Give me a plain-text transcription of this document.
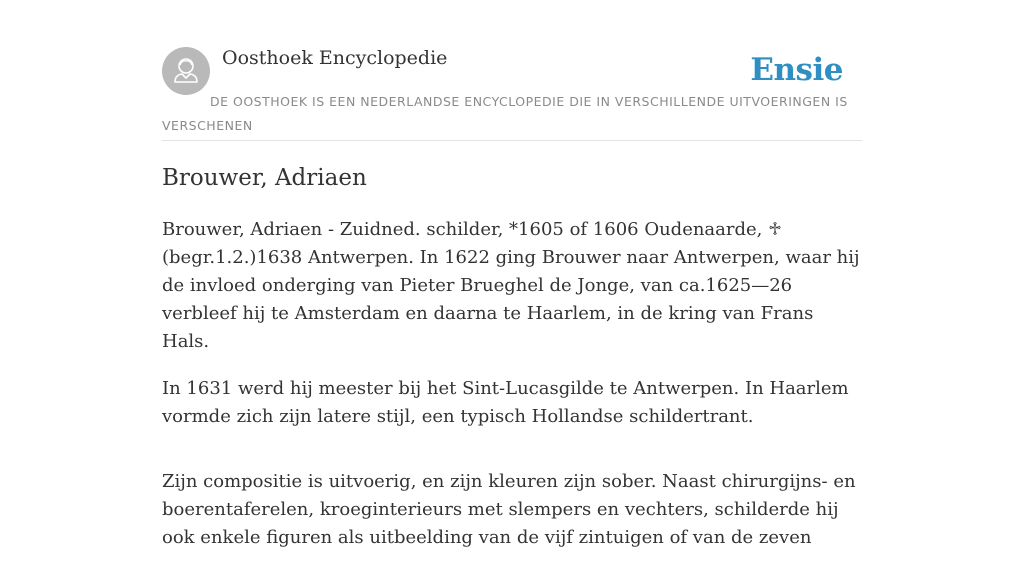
Oosthoek Encyclopedie	Ensie
DE OOSTHOEK IS EEN NEDERLANDSE ENCYCLOPEDIE DIE IN VERSCHILLENDE UITVOERINGEN IS VERSCHENEN
Brouwer, Adriaen

Brouwer, Adriaen - Zuidned. schilder, *1605 of 1606 Oudenaarde, ♱ (begr.1.2.)1638 Antwerpen. In 1622 ging Brouwer naar Antwerpen, waar hij de invloed onderging van Pieter Brueghel de Jonge, van ca.1625—26 verbleef hij te Amsterdam en daarna te Haarlem, in de kring van Frans Hals.

In 1631 werd hij meester bij het Sint-Lucasgilde te Antwerpen. In Haarlem vormde zich zijn latere stijl, een typisch Hollandse schildertrant.

Zijn compositie is uitvoerig, en zijn kleuren zijn sober. Naast chirurgijns- en boerentaferelen, kroeginterieurs met slempers en vechters, schilderde hij ook enkele figuren als uitbeelding van de vijf zintuigen of van de zeven
